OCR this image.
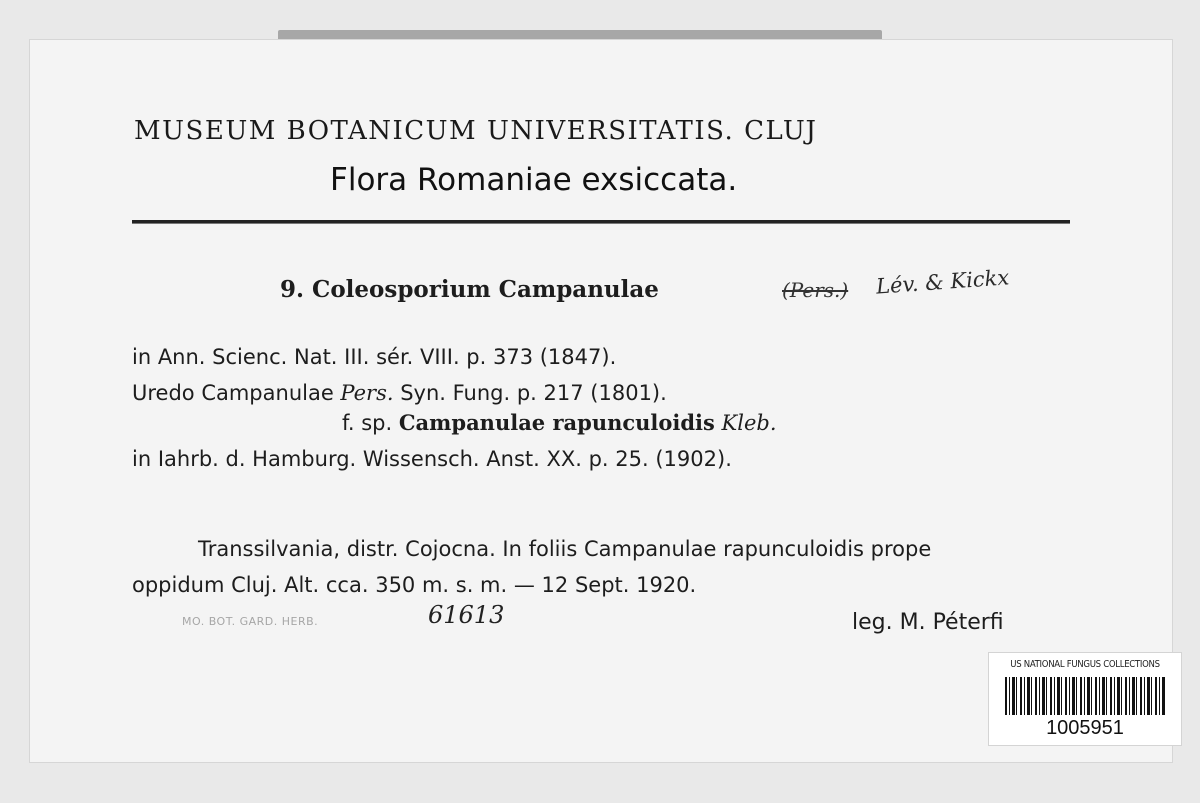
MUSEUM BOTANICUM UNIVERSITATIS. CLUJ
Flora Romaniae exsiccata.
9. Coleosporium Campanulae	(Pers.) Lév. & Kickx
in Ann. Scienc. Nat. III. sér. VIII. p. 373 (1847).
Uredo Campanulae Pers. Syn. Fung. p. 217 (1801).
f. sp. Campanulae rapunculoidis Kleb.
in Iahrb. d. Hamburg. Wissensch. Anst. XX. p. 25. (1902).
Transsilvania, distr. Cojocna. In foliis Campanulae rapunculoidis prope
oppidum Cluj. Alt. cca. 350 m. s. m. — 12 Sept. 1920.
MO. BOT. GARD. HERB.	61613	leg. M. Péterfi
US NATIONAL FUNGUS COLLECTIONS
1005951
